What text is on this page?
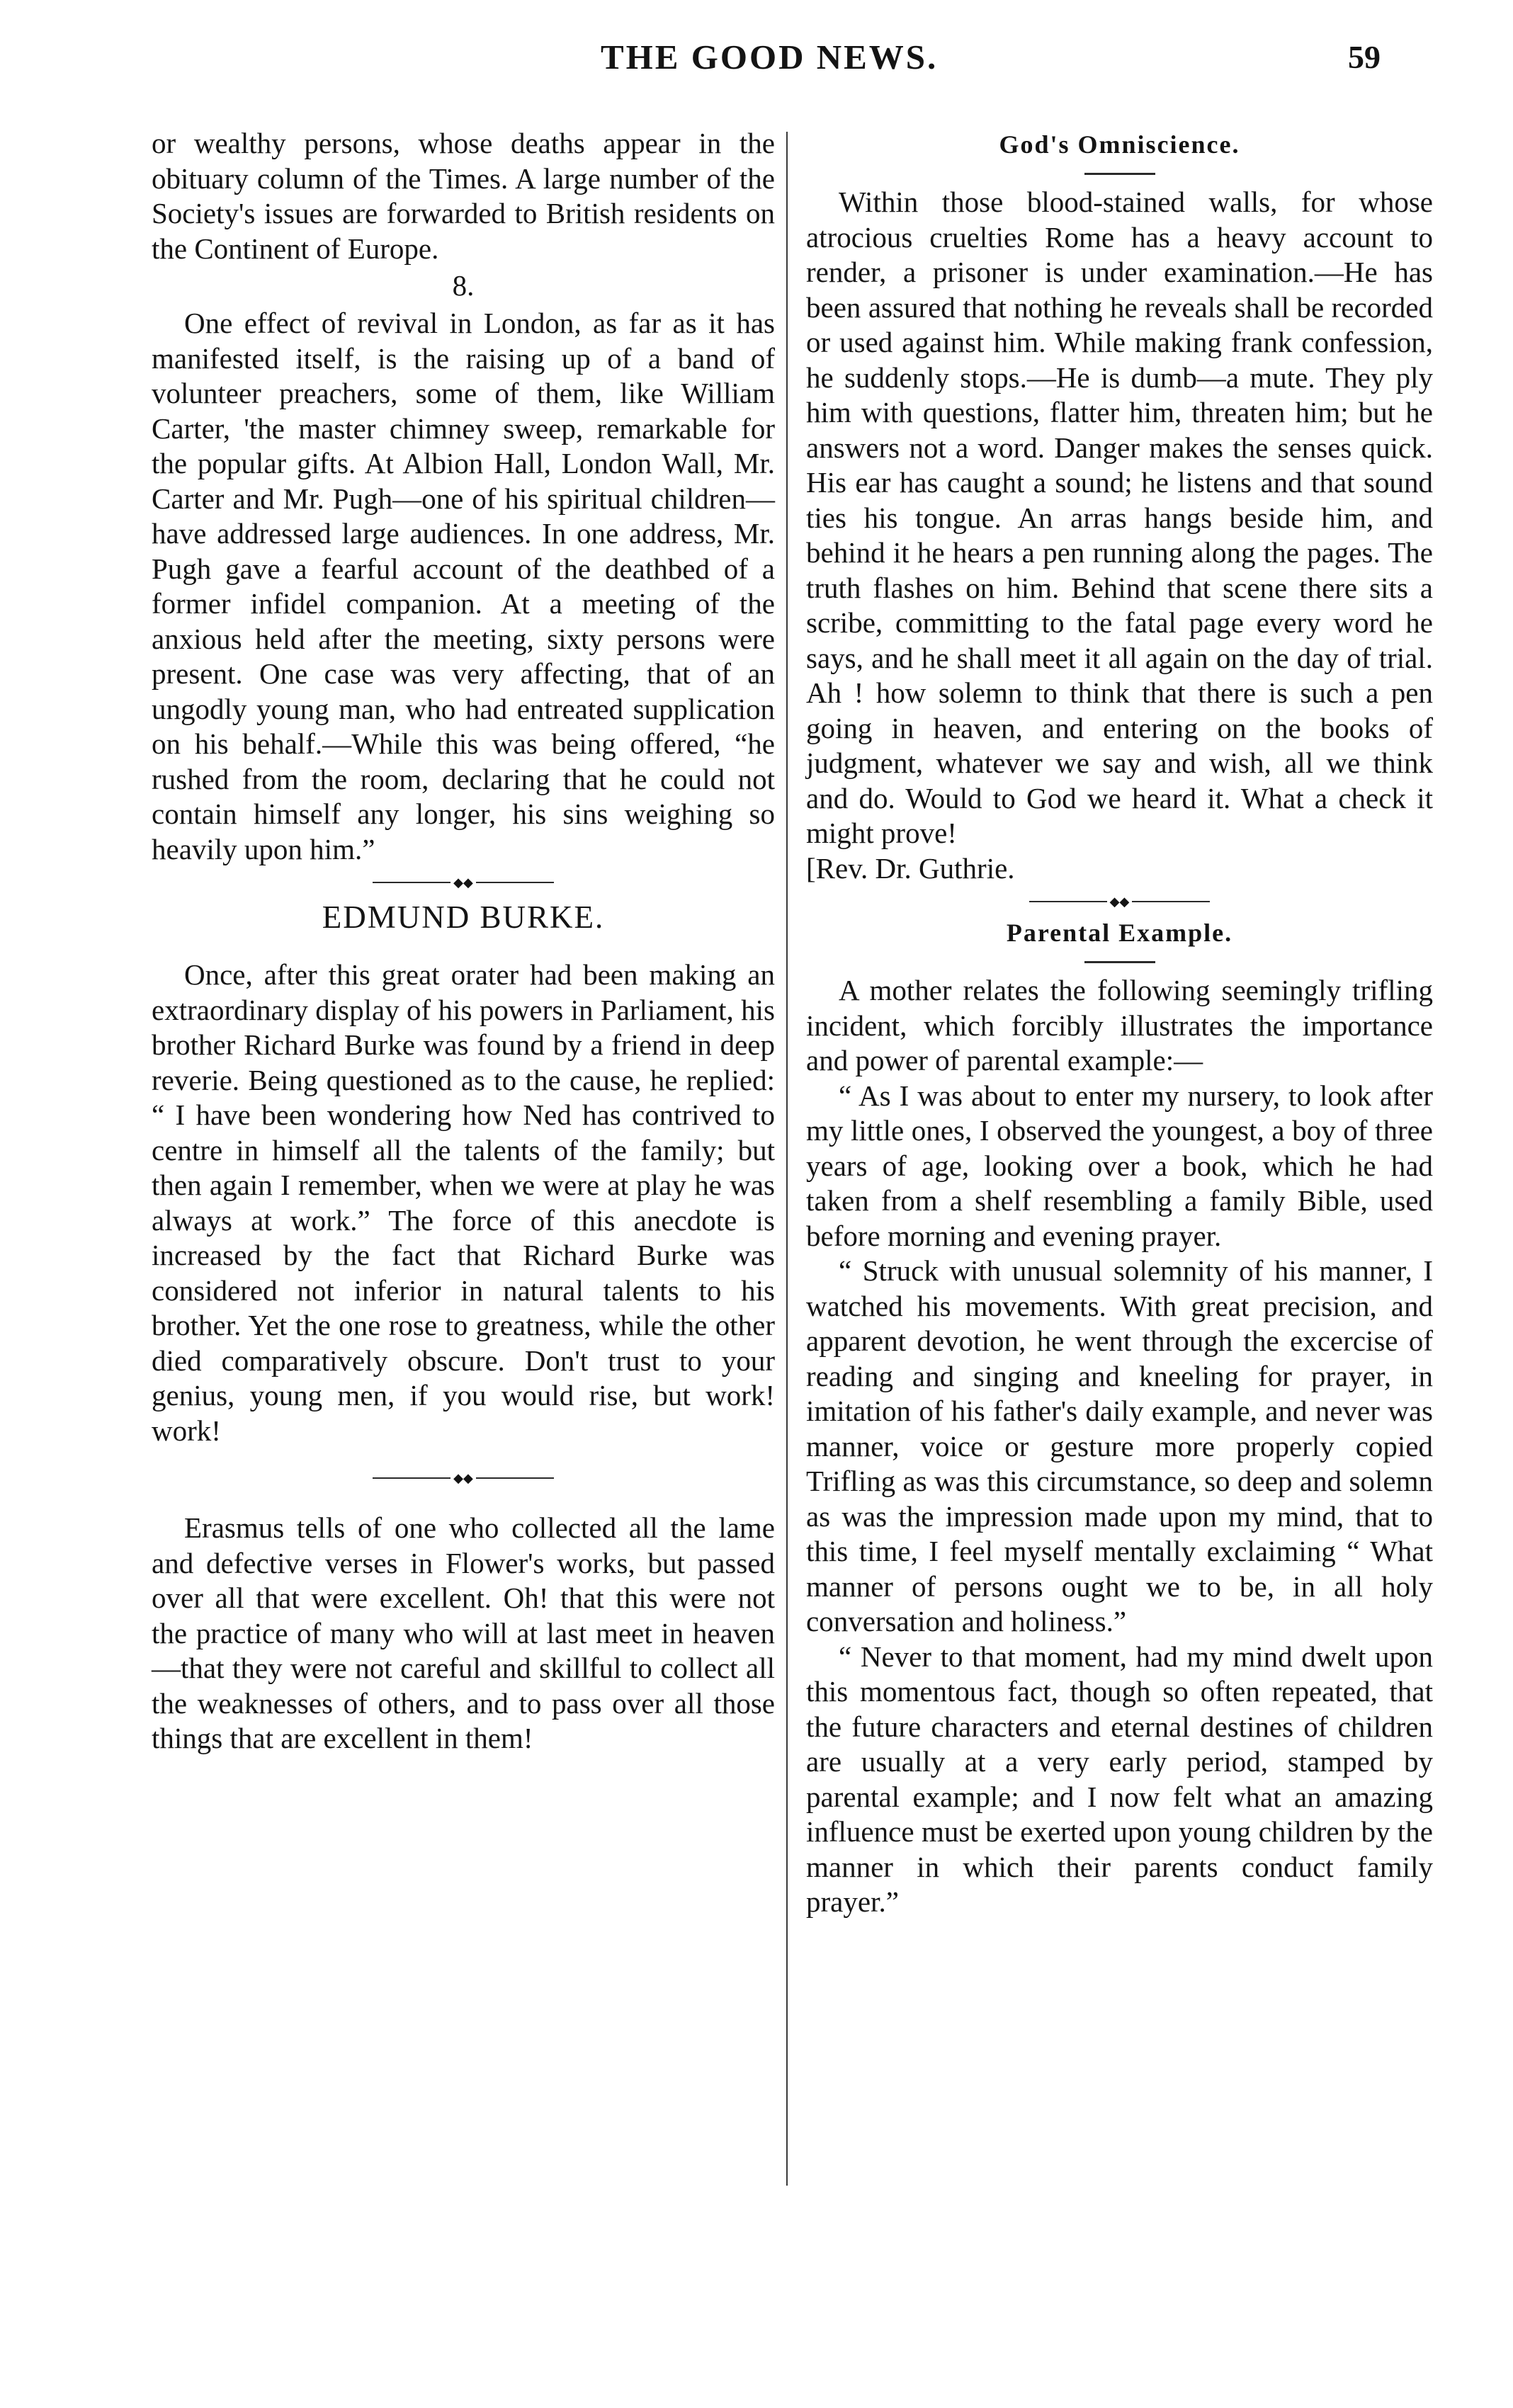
THE GOOD NEWS.	59

or wealthy persons, whose deaths appear in the obituary column of the Times. A large number of the Society's issues are forwarded to British residents on the Continent of Europe.

8.

One effect of revival in London, as far as it has manifested itself, is the raising up of a band of volunteer preachers, some of them, like William Carter, 'the master chimney sweep, remarkable for the popular gifts. At Albion Hall, London Wall, Mr. Carter and Mr. Pugh—one of his spiritual children—have addressed large audiences. In one address, Mr. Pugh gave a fearful account of the deathbed of a former infidel companion. At a meeting of the anxious held after the meeting, sixty persons were present. One case was very affecting, that of an ungodly young man, who had entreated supplication on his behalf.—While this was being offered, “he rushed from the room, declaring that he could not contain himself any longer, his sins weighing so heavily upon him.”

◆◆
EDMUND BURKE.

Once, after this great orater had been making an extraordinary display of his powers in Parliament, his brother Richard Burke was found by a friend in deep reverie. Being questioned as to the cause, he replied: “ I have been wondering how Ned has contrived to centre in himself all the talents of the family; but then again I remember, when we were at play he was always at work.” The force of this anecdote is increased by the fact that Richard Burke was considered not inferior in natural talents to his brother. Yet the one rose to greatness, while the other died comparatively obscure. Don't trust to your genius, young men, if you would rise, but work! work!

◆◆

Erasmus tells of one who collected all the lame and defective verses in Flower's works, but passed over all that were excellent. Oh! that this were not the practice of many who will at last meet in heaven—that they were not careful and skillful to collect all the weaknesses of others, and to pass over all those things that are excellent in them!

God's Omniscience.

Within those blood-stained walls, for whose atrocious cruelties Rome has a heavy account to render, a prisoner is under examination.—He has been assured that nothing he reveals shall be recorded or used against him. While making frank confession, he suddenly stops.—He is dumb—a mute. They ply him with questions, flatter him, threaten him; but he answers not a word. Danger makes the senses quick. His ear has caught a sound; he listens and that sound ties his tongue. An arras hangs beside him, and behind it he hears a pen running along the pages. The truth flashes on him. Behind that scene there sits a scribe, committing to the fatal page every word he says, and he shall meet it all again on the day of trial. Ah ! how solemn to think that there is such a pen going in heaven, and entering on the books of judgment, whatever we say and wish, all we think and do. Would to God we heard it. What a check it might prove!

[Rev. Dr. Guthrie.

◆◆
Parental Example.

A mother relates the following seemingly trifling incident, which forcibly illustrates the importance and power of parental example:—

“ As I was about to enter my nursery, to look after my little ones, I observed the youngest, a boy of three years of age, looking over a book, which he had taken from a shelf resembling a family Bible, used before morning and evening prayer.

“ Struck with unusual solemnity of his manner, I watched his movements. With great precision, and apparent devotion, he went through the excercise of reading and singing and kneeling for prayer, in imitation of his father's daily example, and never was manner, voice or gesture more properly copied Trifling as was this circumstance, so deep and solemn as was the impression made upon my mind, that to this time, I feel myself mentally exclaiming “ What manner of persons ought we to be, in all holy conversation and holiness.”

“ Never to that moment, had my mind dwelt upon this momentous fact, though so often repeated, that the future characters and eternal destines of children are usually at a very early period, stamped by parental example; and I now felt what an amazing influence must be exerted upon young children by the manner in which their parents conduct family prayer.”
